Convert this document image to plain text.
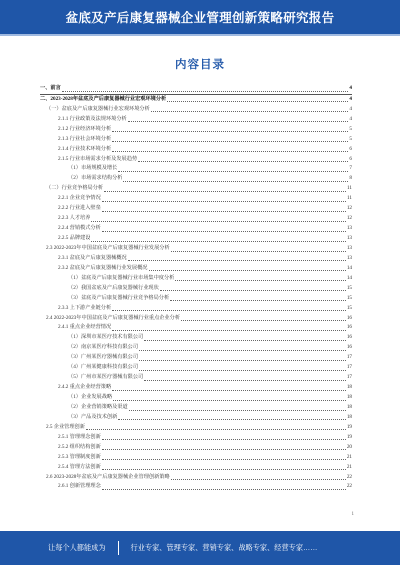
盆底及产后康复器械企业管理创新策略研究报告
内容目录
一、前言	4
二、2023-2028年盆底及产后康复器械行业宏观环境分析	4
（一）盆底及产后康复器械行业宏观环境分析	4
2.1.1 行业政策及法规环境分析	4
2.1.2 行业经济环境分析	5
2.1.3 行业社会环境分析	5
2.1.4 行业技术环境分析	6
2.1.5 行业市场需求分析及发展趋势	6
（1）市场规模及增长	7
（2）市场需求结构分析	8
（二）行业竞争格局分析	11
2.2.1 企业竞争情况	11
2.2.2 行业进入壁垒	12
2.2.3 人才培养	12
2.2.4 营销模式分析	13
2.2.5 品牌建设	13
2.3 2022-2023年中国盆底及产后康复器械行业发展分析	13
2.3.1 盆底及产后康复器械概况	13
2.3.2 盆底及产后康复器械行业发展概况	14
（1）盆底及产后康复器械行业市场集中度分析	14
（2）我国盆底及产后康复器械行业现状	15
（3）盆底及产后康复器械行业竞争格局分析	15
2.3.3 上下游产业链分析	15
2.4 2022-2023年中国盆底及产后康复器械行业重点企业分析	16
2.4.1 重点企业经营情况	16
（1）深圳市某医疗技术有限公司	16
（2）南京某医疗科技有限公司	16
（3）广州某医疗器械有限公司	17
（4）广州某健康科技有限公司	17
（5）广州市某医疗器械有限公司	17
2.4.2 重点企业经营策略	18
（1）企业发展战略	18
（2）企业营销策略及渠道	18
（3）产品及技术创新	18
2.5 企业管理创新	19
2.5.1 管理理念创新	19
2.5.2 组织结构创新	20
2.5.3 管理制度创新	21
2.5.4 管理方法创新	21
2.6 2023-2028年盆底及产后康复器械企业管理创新策略	22
2.6.1 创新管理理念	22
1
让每个人都能成为	行业专家、管理专家、营销专家、战略专家、经营专家……
